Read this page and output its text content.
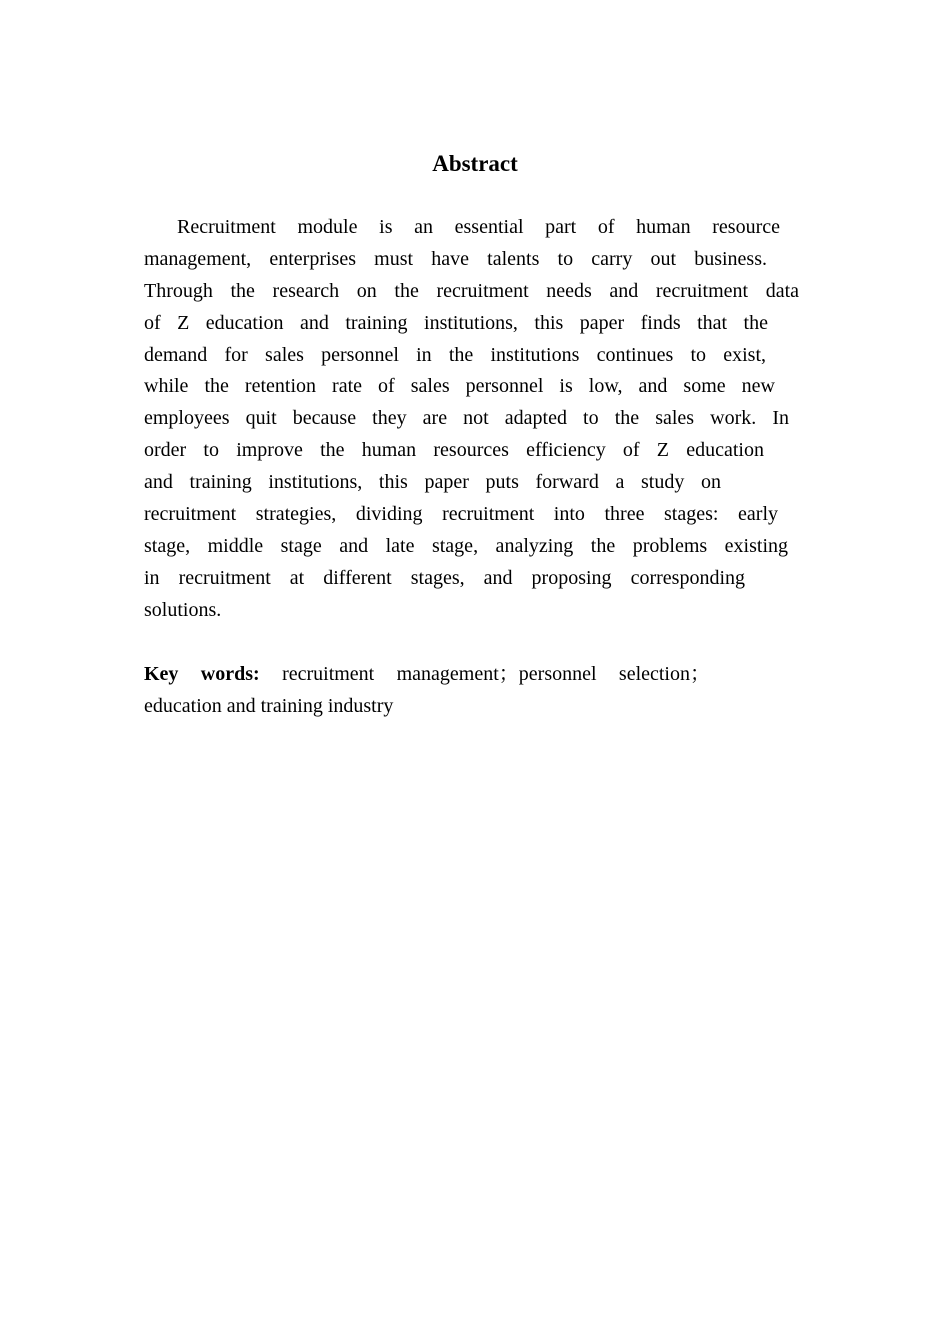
Abstract
Recruitment module is an essential part of human resource
management, enterprises must have talents to carry out business.
Through the research on the recruitment needs and recruitment data
of Z education and training institutions, this paper finds that the
demand for sales personnel in the institutions continues to exist,
while the retention rate of sales personnel is low, and some new
employees quit because they are not adapted to the sales work. In
order to improve the human resources efficiency of Z education
and training institutions, this paper puts forward a study on
recruitment strategies, dividing recruitment into three stages: early
stage, middle stage and late stage, analyzing the problems existing
in recruitment at different stages, and proposing corresponding
solutions.
Key words: recruitment management；personnel selection；
education and training industry
